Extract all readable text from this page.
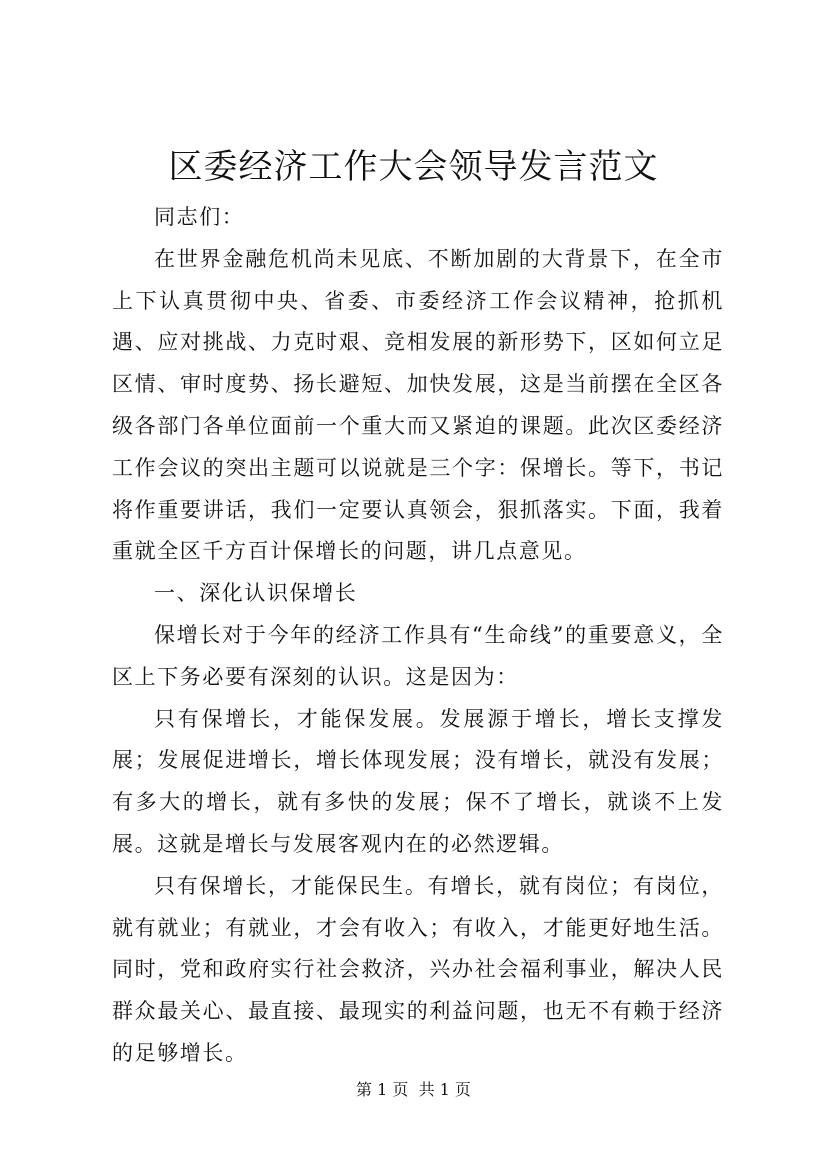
区委经济工作大会领导发言范文

同志们：

在世界金融危机尚未见底、不断加剧的大背景下，在全市上下认真贯彻中央、省委、市委经济工作会议精神，抢抓机遇、应对挑战、力克时艰、竞相发展的新形势下，区如何立足区情、审时度势、扬长避短、加快发展，这是当前摆在全区各级各部门各单位面前一个重大而又紧迫的课题。此次区委经济工作会议的突出主题可以说就是三个字：保增长。等下，书记将作重要讲话，我们一定要认真领会，狠抓落实。下面，我着重就全区千方百计保增长的问题，讲几点意见。

一、深化认识保增长

保增长对于今年的经济工作具有“生命线”的重要意义，全区上下务必要有深刻的认识。这是因为：

只有保增长，才能保发展。发展源于增长，增长支撑发展；发展促进增长，增长体现发展；没有增长，就没有发展；有多大的增长，就有多快的发展；保不了增长，就谈不上发展。这就是增长与发展客观内在的必然逻辑。

只有保增长，才能保民生。有增长，就有岗位；有岗位，就有就业；有就业，才会有收入；有收入，才能更好地生活。同时，党和政府实行社会救济，兴办社会福利事业，解决人民群众最关心、最直接、最现实的利益问题，也无不有赖于经济的足够增长。

第 1 页  共 1 页
